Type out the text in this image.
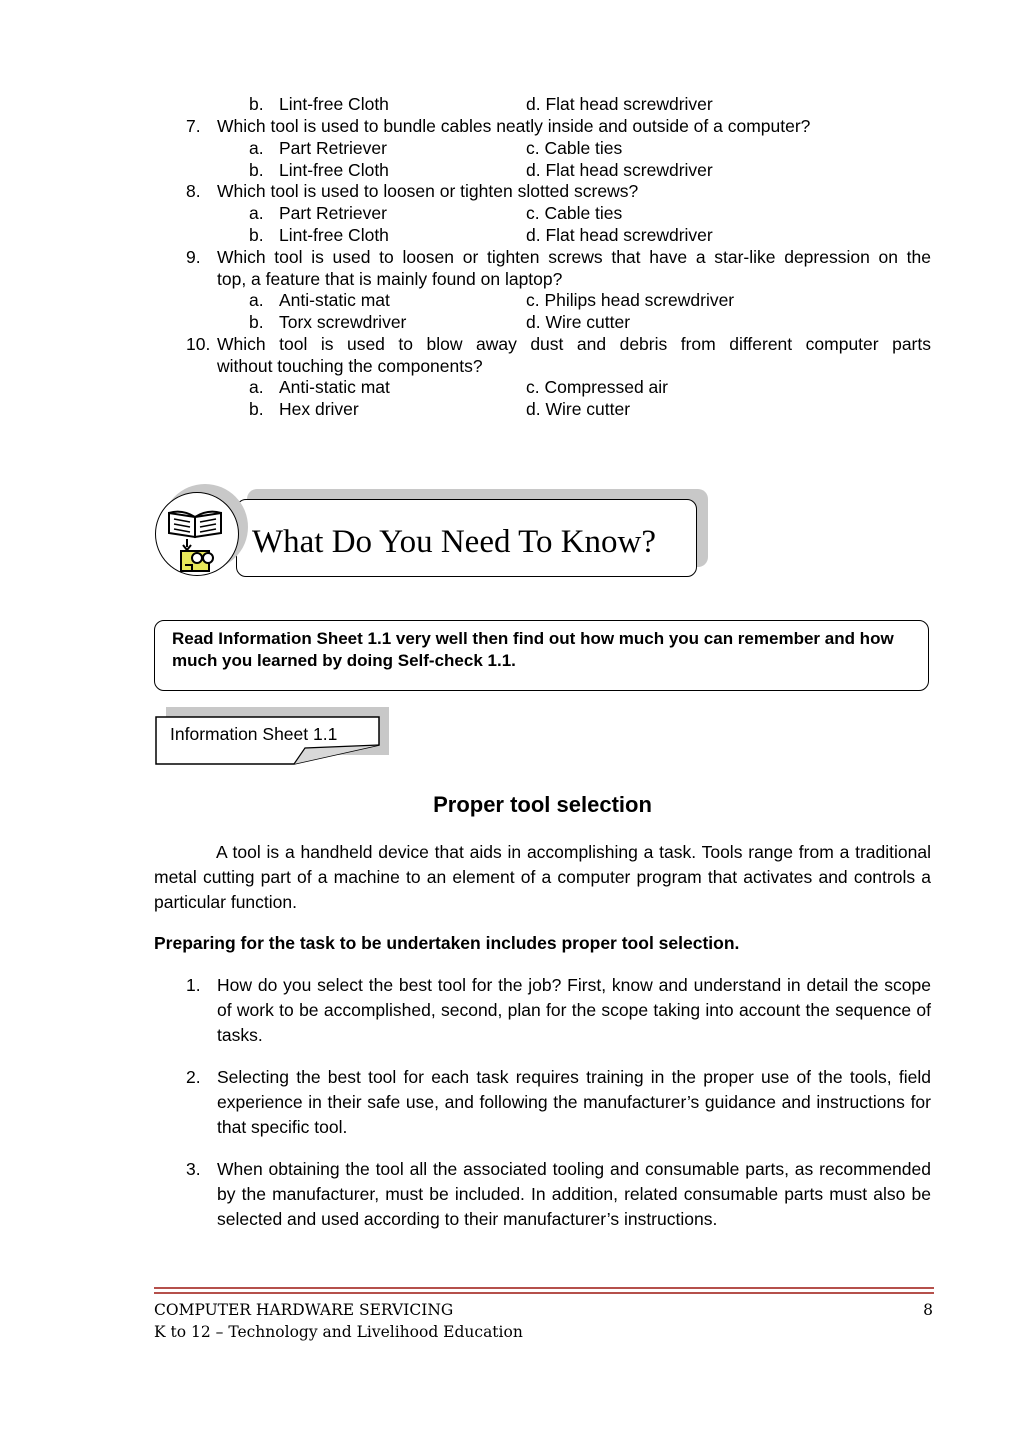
b. Lint-free Cloth	d. Flat head screwdriver
7. Which tool is used to bundle cables neatly inside and outside of a computer?
a. Part Retriever	c. Cable ties
b. Lint-free Cloth	d. Flat head screwdriver
8. Which tool is used to loosen or tighten slotted screws?
a. Part Retriever	c. Cable ties
b. Lint-free Cloth	d. Flat head screwdriver
9. Which tool is used to loosen or tighten screws that have a star-like depression on the
top, a feature that is mainly found on laptop?
a. Anti-static mat	c. Philips head screwdriver
b. Torx screwdriver	d. Wire cutter
10. Which tool is used to blow away dust and debris from different computer parts
without touching the components?
a. Anti-static mat	c. Compressed air
b. Hex driver	d. Wire cutter
What Do You Need To Know?
Read Information Sheet 1.1 very well then find out how much you can remember and how much you learned by doing Self-check 1.1.
Information Sheet 1.1
Proper tool selection
A tool is a handheld device that aids in accomplishing a task. Tools range from a traditional metal cutting part of a machine to an element of a computer program that activates and controls a particular function.
Preparing for the task to be undertaken includes proper tool selection.
1. How do you select the best tool for the job? First, know and understand in detail the scope of work to be accomplished, second, plan for the scope taking into account the sequence of tasks.
2. Selecting the best tool for each task requires training in the proper use of the tools, field experience in their safe use, and following the manufacturer’s guidance and instructions for that specific tool.
3. When obtaining the tool all the associated tooling and consumable parts, as recommended by the manufacturer, must be included. In addition, related consumable parts must also be selected and used according to their manufacturer’s instructions.
COMPUTER HARDWARE SERVICING
K to 12 – Technology and Livelihood Education
8
